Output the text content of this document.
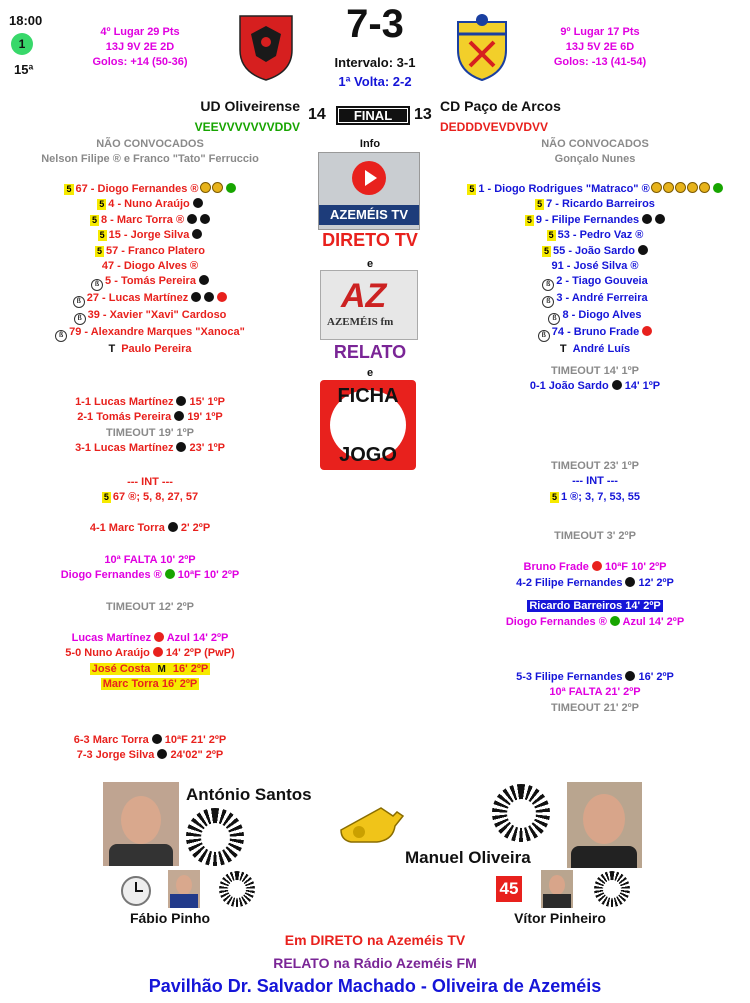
18:00
1
15ª
4º Lugar 29 Pts
13J 9V 2E 2D
Golos: +14 (50-36)
9º Lugar 17 Pts
13J 5V 2E 6D
Golos: -13 (41-54)
7-3
Intervalo: 3-1
1ª Volta: 2-2
UD Oliveirense 14	FINAL	13 CD Paço de Arcos
VEEVVVVVVVDDV	DEDDDVEVDVDVV
NÃO CONVOCADOS
Nelson Filipe ® e Franco "Tato" Ferruccio
NÃO CONVOCADOS
Gonçalo Nunes
5 67 - Diogo Fernandes ®
5 4 - Nuno Araújo
5 8 - Marc Torra ®
5 15 - Jorge Silva
5 57 - Franco Platero
47 - Diogo Alves ®
ß 5 - Tomás Pereira
ß 27 - Lucas Martínez
ß 39 - Xavier "Xavi" Cardoso
ß 79 - Alexandre Marques "Xanoca"
T Paulo Pereira
5 1 - Diogo Rodrigues "Matraco" ®
5 7 - Ricardo Barreiros
5 9 - Filipe Fernandes
5 53 - Pedro Vaz ®
5 55 - João Sardo
91 - José Silva ®
ß 2 - Tiago Gouveia
ß 3 - André Ferreira
ß 8 - Diogo Alves
ß 74 - Bruno Frade
T André Luís
Info
AZEMÉIS TV
DIRETO TV
e
AZ
AZEMÉIS fm
RELATO
e
FICHA
JOGO
1-1 Lucas Martínez 15' 1ºP
2-1 Tomás Pereira 19' 1ºP
TIMEOUT 19' 1ºP
3-1 Lucas Martínez 23' 1ºP
--- INT ---
5 67 ®; 5, 8, 27, 57
4-1 Marc Torra 2' 2ºP
10ª FALTA 10' 2ºP
Diogo Fernandes ® 10ªF 10' 2ºP
TIMEOUT 12' 2ºP
Lucas Martínez Azul 14' 2ºP
5-0 Nuno Araújo 14' 2ºP (PwP)
José Costa M 16' 2ºP
Marc Torra 16' 2ºP
6-3 Marc Torra 10ªF 21' 2ºP
7-3 Jorge Silva 24'02" 2ºP
TIMEOUT 14' 1ºP
0-1 João Sardo 14' 1ºP
TIMEOUT 23' 1ºP
--- INT ---
5 1 ®; 3, 7, 53, 55
TIMEOUT 3' 2ºP
Bruno Frade 10ªF 10' 2ºP
4-2 Filipe Fernandes 12' 2ºP
Ricardo Barreiros 14' 2ºP
Diogo Fernandes ® Azul 14' 2ºP
5-3 Filipe Fernandes 16' 2ºP
10ª FALTA 21' 2ºP
TIMEOUT 21' 2ºP
António Santos
Manuel Oliveira
Fábio Pinho
45
Vítor Pinheiro
Em DIRETO na Azeméis TV
RELATO na Rádio Azeméis FM
Pavilhão Dr. Salvador Machado - Oliveira de Azeméis
